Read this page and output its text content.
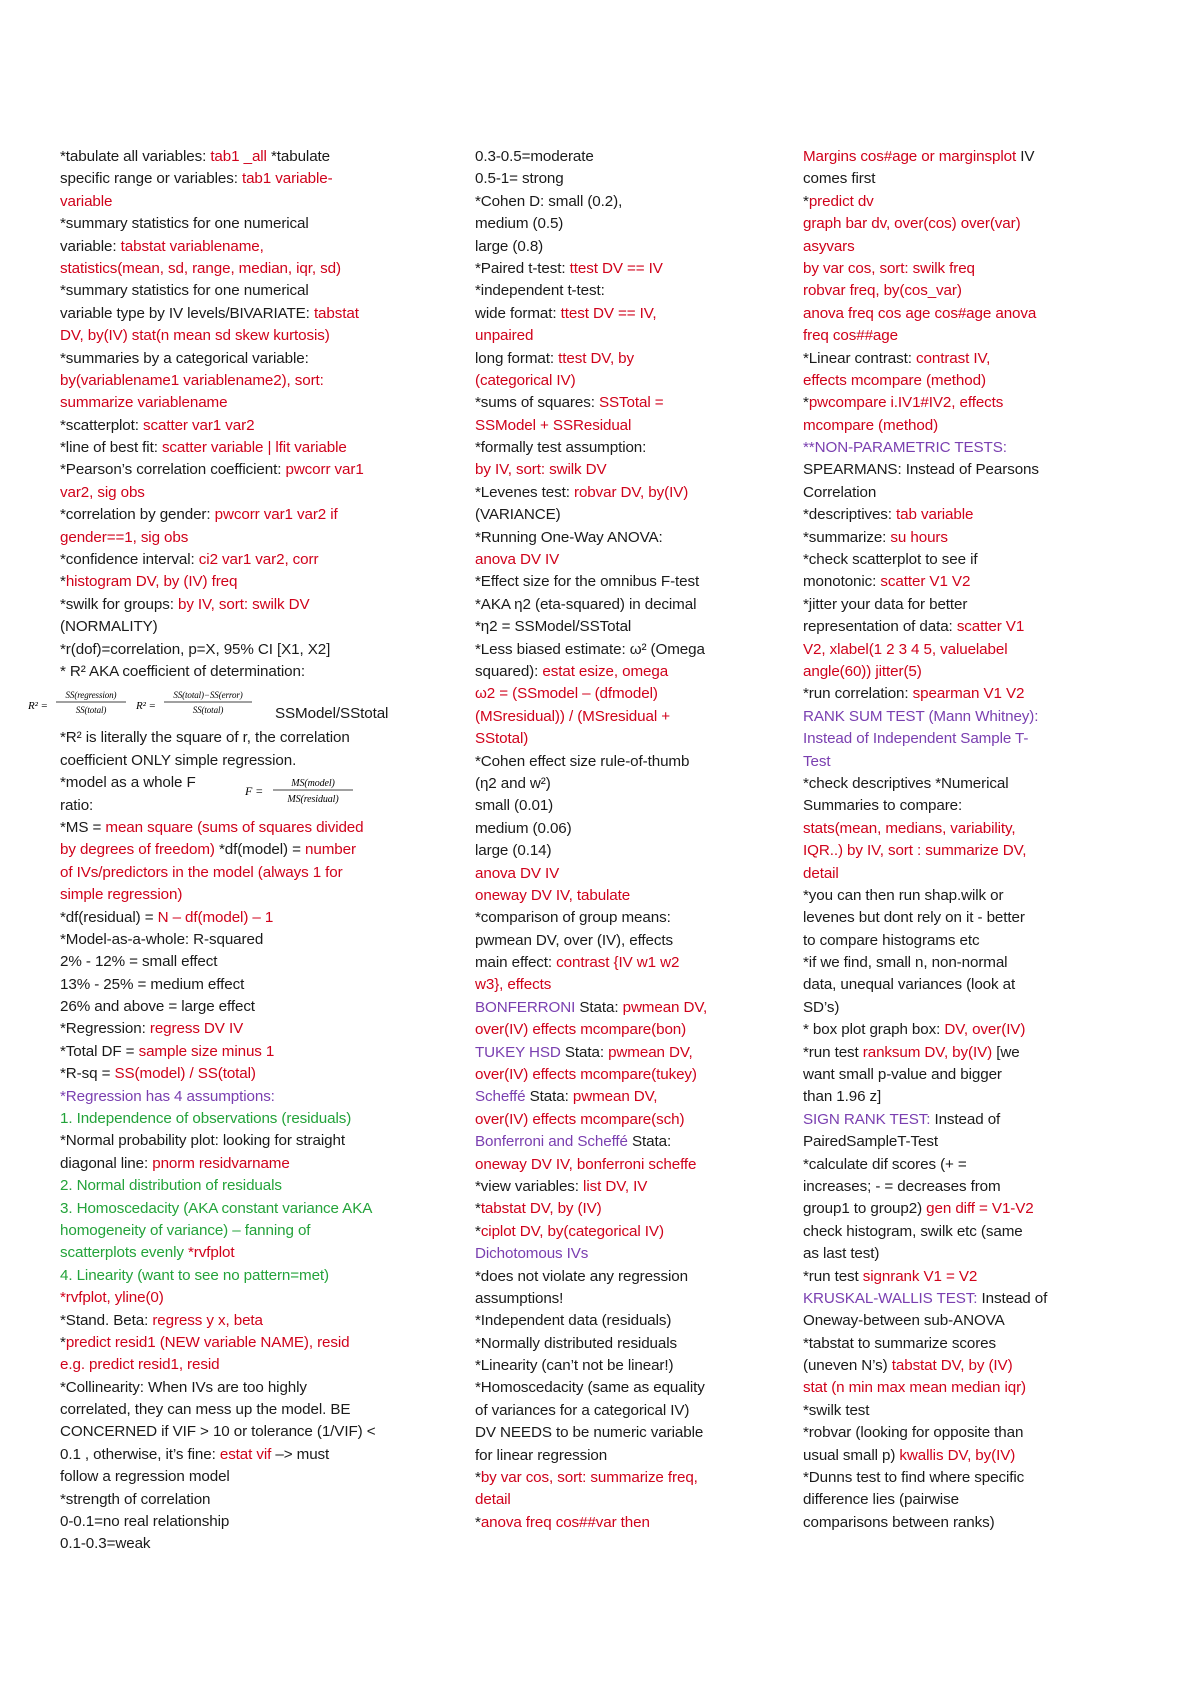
*tabulate all variables: tab1 _all *tabulate
specific range or variables: tab1 variable-
variable
*summary statistics for one numerical
variable: tabstat variablename,
statistics(mean, sd, range, median, iqr, sd)
*summary statistics for one numerical
variable type by IV levels/BIVARIATE: tabstat
DV, by(IV) stat(n mean sd skew kurtosis)
*summaries by a categorical variable:
by(variablename1 variablename2), sort:
summarize variablename
*scatterplot: scatter var1 var2
*line of best fit: scatter variable | lfit variable
*Pearson’s correlation coefficient: pwcorr var1
var2, sig obs
*correlation by gender: pwcorr var1 var2 if
gender==1, sig obs
*confidence interval: ci2 var1 var2, corr
*histogram DV, by (IV) freq
*swilk for groups: by IV, sort: swilk DV
(NORMALITY)
*r(dof)=correlation, p=X, 95% CI [X1, X2]
* R² AKA coefficient of determination:
R² =
SS(regression)
SS(total)	R² =
SS(total)−SS(error)
SS(total)	SSModel/SStotal
*R² is literally the square of r, the correlation
coefficient ONLY simple regression.
*model as a whole F
ratio:
F =
MS(model)
MS(residual)
*MS = mean square (sums of squares divided
by degrees of freedom) *df(model) = number
of IVs/predictors in the model (always 1 for
simple regression)
*df(residual) = N – df(model) – 1
*Model-as-a-whole: R-squared
2% - 12% = small effect
13% - 25% = medium effect
26% and above = large effect
*Regression: regress DV IV
*Total DF = sample size minus 1
*R-sq = SS(model) / SS(total)
*Regression has 4 assumptions:
1. Independence of observations (residuals)
*Normal probability plot: looking for straight
diagonal line: pnorm residvarname
2. Normal distribution of residuals
3. Homoscedacity (AKA constant variance AKA
homogeneity of variance) – fanning of
scatterplots evenly *rvfplot
4. Linearity (want to see no pattern=met)
*rvfplot, yline(0)
*Stand. Beta: regress y x, beta
*predict resid1 (NEW variable NAME), resid
e.g. predict resid1, resid
*Collinearity: When IVs are too highly
correlated, they can mess up the model. BE
CONCERNED if VIF > 10 or tolerance (1/VIF) <
0.1 , otherwise, it’s fine: estat vif –> must
follow a regression model
*strength of correlation
0-0.1=no real relationship
0.1-0.3=weak
0.3-0.5=moderate
0.5-1= strong
*Cohen D: small (0.2),
medium (0.5)
large (0.8)
*Paired t-test: ttest DV == IV
*independent t-test:
wide format: ttest DV == IV,
unpaired
long format: ttest DV, by
(categorical IV)
*sums of squares: SSTotal =
SSModel + SSResidual
*formally test assumption:
by IV, sort: swilk DV
*Levenes test: robvar DV, by(IV)
(VARIANCE)
*Running One-Way ANOVA:
anova DV IV
*Effect size for the omnibus F-test
*AKA η2 (eta-squared) in decimal
*η2 = SSModel/SSTotal
*Less biased estimate: ω² (Omega
squared): estat esize, omega
ω2 = (SSmodel – (dfmodel)
(MSresidual)) / (MSresidual +
SStotal)
*Cohen effect size rule-of-thumb
(η2 and w²)
small (0.01)
medium (0.06)
large (0.14)
anova DV IV
oneway DV IV, tabulate
*comparison of group means:
pwmean DV, over (IV), effects
main effect: contrast {IV w1 w2
w3}, effects
BONFERRONI Stata: pwmean DV,
over(IV) effects mcompare(bon)
TUKEY HSD Stata: pwmean DV,
over(IV) effects mcompare(tukey)
Scheffé Stata: pwmean DV,
over(IV) effects mcompare(sch)
Bonferroni and Scheffé Stata:
oneway DV IV, bonferroni scheffe
*view variables: list DV, IV
*tabstat DV, by (IV)
*ciplot DV, by(categorical IV)
Dichotomous IVs
*does not violate any regression
assumptions!
*Independent data (residuals)
*Normally distributed residuals
*Linearity (can’t not be linear!)
*Homoscedacity (same as equality
of variances for a categorical IV)
DV NEEDS to be numeric variable
for linear regression
*by var cos, sort: summarize freq,
detail
*anova freq cos##var then
Margins cos#age or marginsplot IV
comes first
*predict dv
graph bar dv, over(cos) over(var)
asyvars
by var cos, sort: swilk freq
robvar freq, by(cos_var)
anova freq cos age cos#age anova
freq cos##age
*Linear contrast: contrast IV,
effects mcompare (method)
*pwcompare i.IV1#IV2, effects
mcompare (method)
**NON-PARAMETRIC TESTS:
SPEARMANS: Instead of Pearsons
Correlation
*descriptives: tab variable
*summarize: su hours
*check scatterplot to see if
monotonic: scatter V1 V2
*jitter your data for better
representation of data: scatter V1
V2, xlabel(1 2 3 4 5, valuelabel
angle(60)) jitter(5)
*run correlation: spearman V1 V2
RANK SUM TEST (Mann Whitney):
Instead of Independent Sample T-
Test
*check descriptives *Numerical
Summaries to compare:
stats(mean, medians, variability,
IQR..) by IV, sort : summarize DV,
detail
*you can then run shap.wilk or
levenes but dont rely on it - better
to compare histograms etc
*if we find, small n, non-normal
data, unequal variances (look at
SD’s)
* box plot graph box: DV, over(IV)
*run test ranksum DV, by(IV) [we
want small p-value and bigger
than 1.96 z]
SIGN RANK TEST: Instead of
PairedSampleT-Test
*calculate dif scores (+ =
increases; - = decreases from
group1 to group2) gen diff = V1-V2
check histogram, swilk etc (same
as last test)
*run test signrank V1 = V2
KRUSKAL-WALLIS TEST: Instead of
Oneway-between sub-ANOVA
*tabstat to summarize scores
(uneven N’s) tabstat DV, by (IV)
stat (n min max mean median iqr)
*swilk test
*robvar (looking for opposite than
usual small p) kwallis DV, by(IV)
*Dunns test to find where specific
difference lies (pairwise
comparisons between ranks)
